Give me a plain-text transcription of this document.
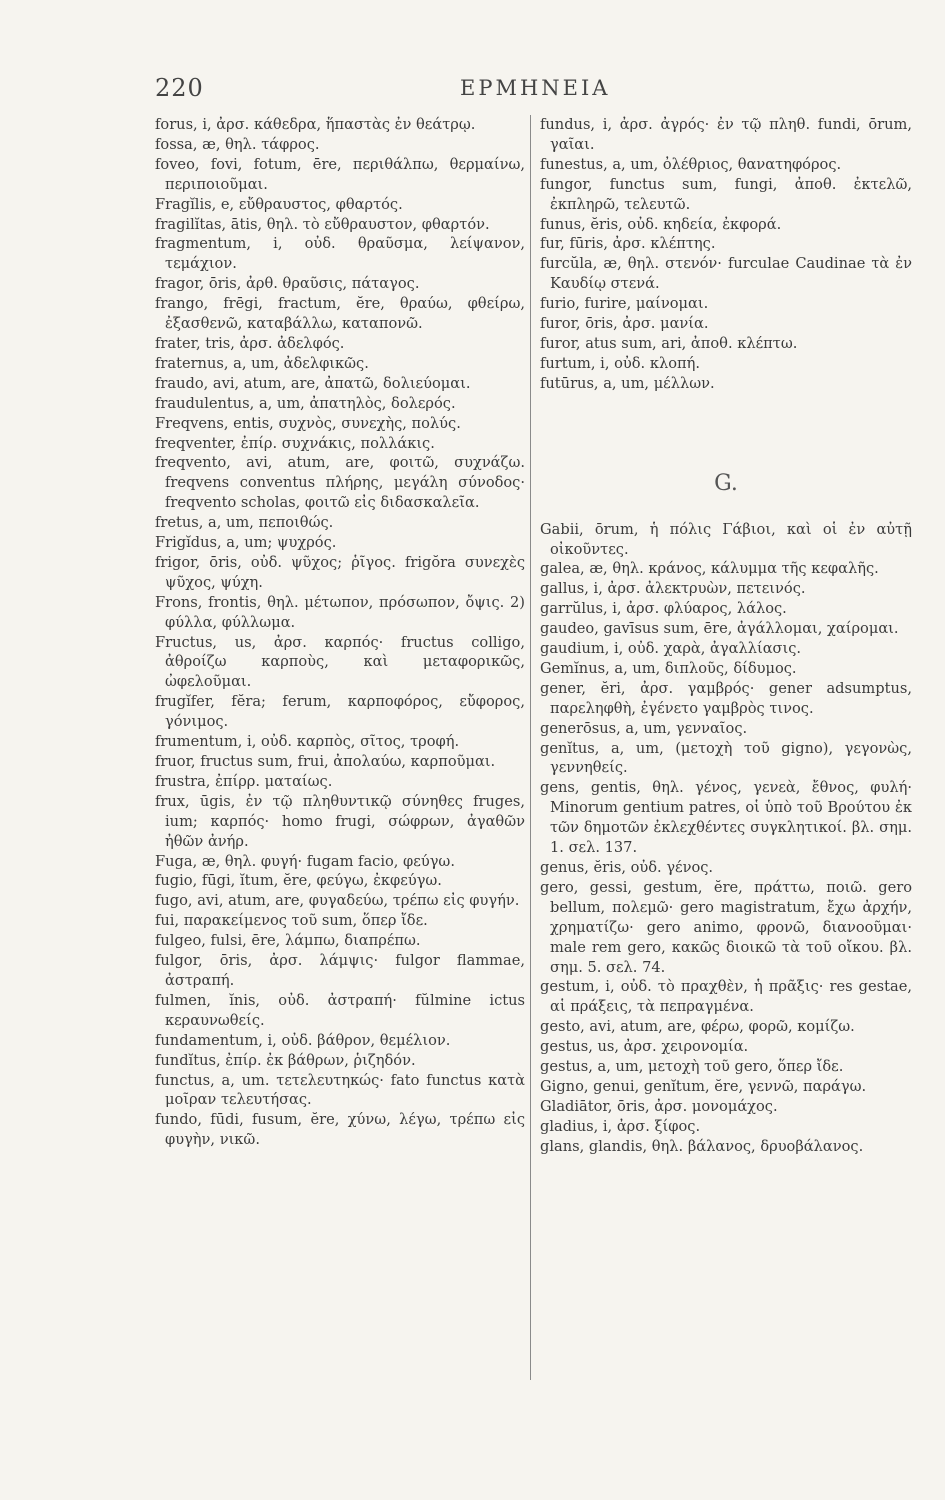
220	ΕΡΜΗΝΕΙΑ

forus, i, ἀρσ. κάθεδρα, ἥπαστὰς ἐν θεάτρῳ.

fossa, æ, θηλ. τάφρος.

foveo, fovi, fotum, ēre, περιθάλπω, θερμαίνω, περιποιοῦμαι.

Fragĭlis, e, εὔθραυστος, φθαρτός.

fragilĭtas, ātis, θηλ. τὸ εὔθραυστον, φθαρτόν.

fragmentum, i, οὐδ. θραῦσμα, λείψανον, τεμάχιον.

fragor, ōris, ἀρθ. θραῦσις, πάταγος.

frango, frēgi, fractum, ĕre, θραύω, φθείρω, ἐξασθενῶ, καταβάλλω, καταπονῶ.

frater, tris, ἀρσ. ἀδελφός.

fraternus, a, um, ἀδελφικῶς.

fraudo, avi, atum, are, ἀπατῶ, δολιεύομαι.

fraudulentus, a, um, ἀπατηλὸς, δολερός.

Freqvens, entis, συχνὸς, συνεχὴς, πολύς.

freqventer, ἐπίρ. συχνάκις, πολλάκις.

freqvento, avi, atum, are, φοιτῶ, συχνάζω. freqvens conventus πλήρης, μεγάλη σύνοδος· freqvento scholas, φοιτῶ εἰς διδασκαλεῖα.

fretus, a, um, πεποιθώς.

Frigĭdus, a, um; ψυχρός.

frigor, ōris, οὐδ. ψῦχος; ῥῖγος. frigŏra συνεχὲς ψῦχος, ψύχη.

Frons, frontis, θηλ. μέτωπον, πρόσωπον, ὄψις. 2) φύλλα, φύλλωμα.

Fructus, us, ἀρσ. καρπός· fructus colligo, ἀθροίζω καρποὺς, καὶ μεταφορικῶς, ὠφελοῦμαι.

frugĭfer, fĕra; ferum, καρποφόρος, εὔφορος, γόνιμος.

frumentum, i, οὐδ. καρπὸς, σῖτος, τροφή.

fruor, fructus sum, frui, ἀπολαύω, καρποῦμαι.

frustra, ἐπίρρ. ματαίως.

frux, ūgis, ἐν τῷ πληθυντικῷ σύνηθες fruges, ium; καρπός· homo frugi, σώφρων, ἀγαθῶν ἠθῶν ἀνήρ.

Fuga, æ, θηλ. φυγή· fugam facio, φεύγω.

fugio, fūgi, ĭtum, ĕre, φεύγω, ἐκφεύγω.

fugo, avi, atum, are, φυγαδεύω, τρέπω εἰς φυγήν.

fui, παρακείμενος τοῦ sum, ὅπερ ἴδε.

fulgeo, fulsi, ēre, λάμπω, διαπρέπω.

fulgor, ōris, ἀρσ. λάμψις· fulgor flammae, ἀστραπή.

fulmen, ĭnis, οὐδ. ἀστραπή· fŭlmine ictus κεραυνωθείς.

fundamentum, i, οὐδ. βάθρον, θεμέλιον.

fundĭtus, ἐπίρ. ἐκ βάθρων, ῥιζηδόν.

functus, a, um. τετελευτηκώς· fato functus κατὰ μοῖραν τελευτήσας.

fundo, fūdi, fusum, ĕre, χύνω, λέγω, τρέπω εἰς φυγὴν, νικῶ.

fundus, i, ἀρσ. ἀγρός· ἐν τῷ πληθ. fundi, ōrum, γαῖαι.

funestus, a, um, ὀλέθριος, θανατηφόρος.

fungor, functus sum, fungi, ἀποθ. ἐκτελῶ, ἐκπληρῶ, τελευτῶ.

funus, ĕris, οὐδ. κηδεία, ἐκφορά.

fur, fūris, ἀρσ. κλέπτης.

furcŭla, æ, θηλ. στενόν· furculae Caudinae τὰ ἐν Καυδίῳ στενά.

furio, furire, μαίνομαι.

furor, ōris, ἀρσ. μανία.

furor, atus sum, ari, ἀποθ. κλέπτω.

furtum, i, οὐδ. κλοπή.

futūrus, a, um, μέλλων.

G.

Gabii, ōrum, ἡ πόλις Γάβιοι, καὶ οἱ ἐν αὐτῇ οἰκοῦντες.

galea, æ, θηλ. κράνος, κάλυμμα τῆς κεφαλῆς.

gallus, i, ἀρσ. ἀλεκτρυὼν, πετεινός.

garrŭlus, i, ἀρσ. φλύαρος, λάλος.

gaudeo, gavīsus sum, ēre, ἀγάλλομαι, χαίρομαι.

gaudium, i, οὐδ. χαρὰ, ἀγαλλίασις.

Gemĭnus, a, um, διπλοῦς, δίδυμος.

gener, ĕri, ἀρσ. γαμβρός· gener adsumptus, παρεληφθὴ, ἐγένετο γαμβρὸς τινος.

generōsus, a, um, γενναῖος.

genĭtus, a, um, (μετοχὴ τοῦ gigno), γεγονὼς, γεννηθείς.

gens, gentis, θηλ. γένος, γενεὰ, ἔθνος, φυλή· Minorum gentium patres, οἱ ὑπὸ τοῦ Βρούτου ἐκ τῶν δημοτῶν ἐκλεχθέντες συγκλητικοί. βλ. σημ. 1. σελ. 137.

genus, ĕris, οὐδ. γένος.

gero, gessi, gestum, ĕre, πράττω, ποιῶ. gero bellum, πολεμῶ· gero magistratum, ἔχω ἀρχήν, χρηματίζω· gero animo, φρονῶ, διανοοῦμαι· male rem gero, κακῶς διοικῶ τὰ τοῦ οἴκου. βλ. σημ. 5. σελ. 74.

gestum, i, οὐδ. τὸ πραχθὲν, ἡ πρᾶξις· res gestae, αἱ πράξεις, τὰ πεπραγμένα.

gesto, avi, atum, are, φέρω, φορῶ, κομίζω.

gestus, us, ἀρσ. χειρονομία.

gestus, a, um, μετοχὴ τοῦ gero, ὅπερ ἴδε.

Gigno, genui, genĭtum, ĕre, γεννῶ, παράγω.

Gladiātor, ōris, ἀρσ. μονομάχος.

gladius, i, ἀρσ. ξίφος.

glans, glandis, θηλ. βάλανος, δρυοβάλανος.
